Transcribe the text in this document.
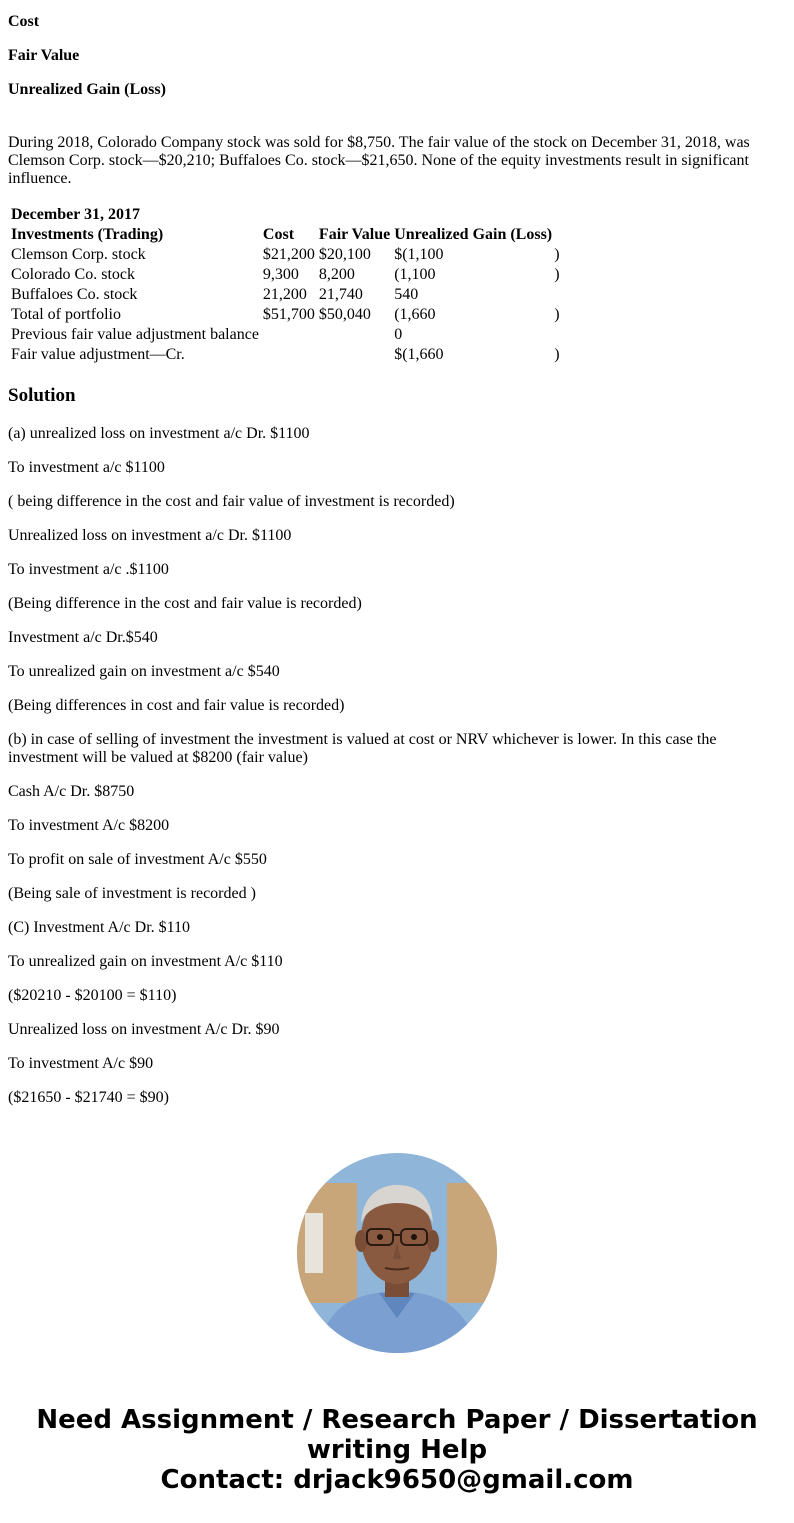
Cost

Fair Value

Unrealized Gain (Loss)

During 2018, Colorado Company stock was sold for $8,750. The fair value of the stock on December 31, 2018, was Clemson Corp. stock—$20,210; Buffaloes Co. stock—$21,650. None of the equity investments result in significant influence.

December 31, 2017				
Investments (Trading)	Cost	Fair Value	Unrealized Gain (Loss)	
Clemson Corp. stock	$21,200	$20,100	$(1,100	)
Colorado Co. stock	9,300	8,200	(1,100	)
Buffaloes Co. stock	21,200	21,740	540	
Total of portfolio	$51,700	$50,040	(1,660	)
Previous fair value adjustment balance			0	
Fair value adjustment—Cr.			$(1,660	)
Solution

(a) unrealized loss on investment a/c Dr. $1100

To investment a/c $1100

( being difference in the cost and fair value of investment is recorded)

Unrealized loss on investment a/c Dr. $1100

To investment a/c .$1100

(Being difference in the cost and fair value is recorded)

Investment a/c Dr.$540

To unrealized gain on investment a/c $540

(Being differences in cost and fair value is recorded)

(b) in case of selling of investment the investment is valued at cost or NRV whichever is lower. In this case the investment will be valued at $8200 (fair value)

Cash A/c Dr. $8750

To investment A/c $8200

To profit on sale of investment A/c $550

(Being sale of investment is recorded )

(C) Investment A/c Dr. $110

To unrealized gain on investment A/c $110

($20210 - $20100 = $110)

Unrealized loss on investment A/c Dr. $90

To investment A/c $90

($21650 - $21740 = $90)

Need Assignment / Research Paper / Dissertation writing Help
Contact: drjack9650@gmail.com
